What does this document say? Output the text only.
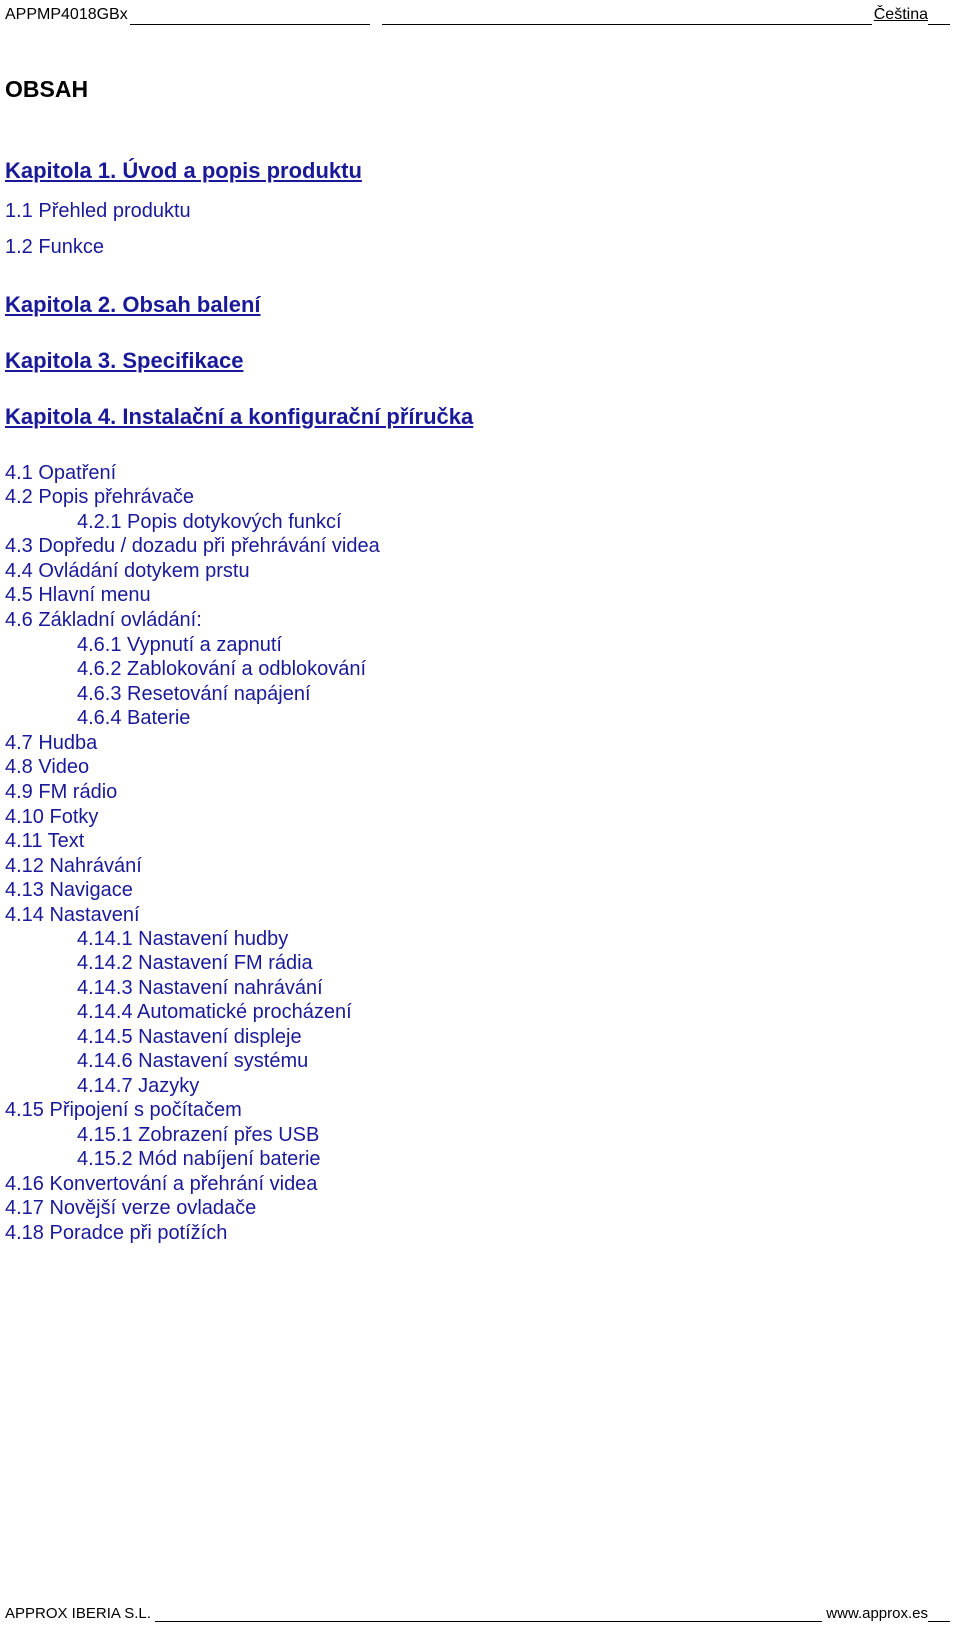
APPMP4018GBx	Čeština
OBSAH
Kapitola 1. Úvod a popis produktu
1.1 Přehled produktu
1.2 Funkce
Kapitola 2. Obsah balení
Kapitola 3. Specifikace
Kapitola 4. Instalační a konfigurační příručka
4.1 Opatření
4.2 Popis přehrávače
4.2.1 Popis dotykových funkcí
4.3 Dopředu / dozadu při přehrávání videa
4.4 Ovládání dotykem prstu
4.5 Hlavní menu
4.6 Základní ovládání:
4.6.1 Vypnutí a zapnutí
4.6.2 Zablokování a odblokování
4.6.3 Resetování napájení
4.6.4 Baterie
4.7 Hudba
4.8 Video
4.9 FM rádio
4.10 Fotky
4.11 Text
4.12 Nahrávání
4.13 Navigace
4.14 Nastavení
4.14.1 Nastavení hudby
4.14.2 Nastavení FM rádia
4.14.3 Nastavení nahrávání
4.14.4 Automatické procházení
4.14.5 Nastavení displeje
4.14.6 Nastavení systému
4.14.7 Jazyky
4.15 Připojení s počítačem
4.15.1 Zobrazení přes USB
4.15.2 Mód nabíjení baterie
4.16 Konvertování a přehrání videa
4.17 Novější verze ovladače
4.18 Poradce při potížích
APPROX IBERIA S.L.	www.approx.es
